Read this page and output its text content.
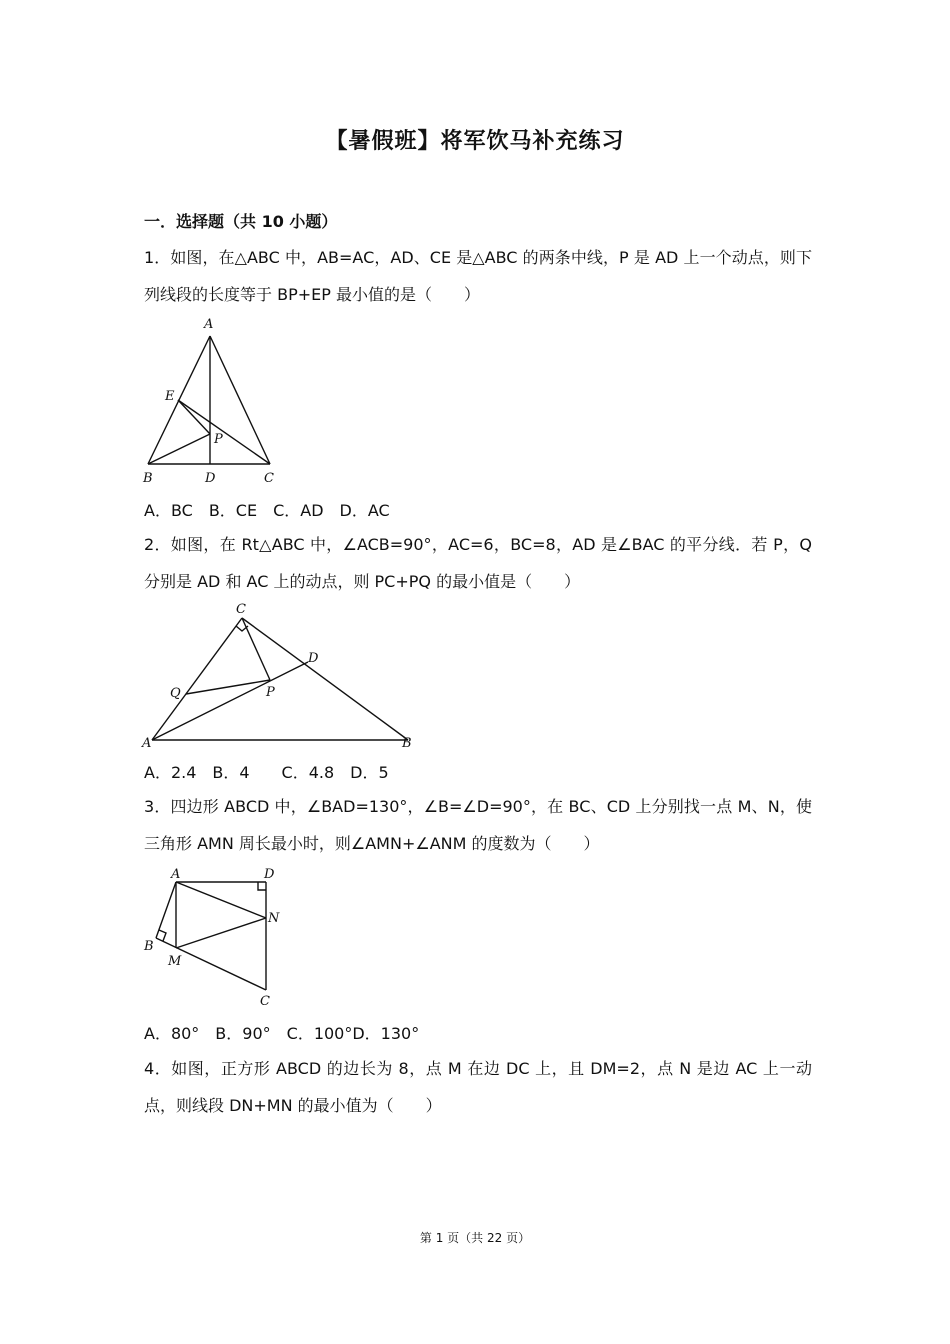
【暑假班】将军饮马补充练习
一．选择题（共 10 小题）
1．如图，在△ABC 中，AB=AC，AD、CE 是△ABC 的两条中线，P 是 AD 上一个动点，则下列线段的长度等于 BP+EP 最小值的是（　　）
A
E
P
B	D	C
A．BC　B．CE　C．AD　D．AC
2．如图，在 Rt△ABC 中，∠ACB=90°，AC=6，BC=8，AD 是∠BAC 的平分线．若 P，Q 分别是 AD 和 AC 上的动点，则 PC+PQ 的最小值是（　　）
C
D
Q	P
A	B
A．2.4　B．4　　C．4.8　D．5
3．四边形 ABCD 中，∠BAD=130°，∠B=∠D=90°，在 BC、CD 上分别找一点 M、N，使三角形 AMN 周长最小时，则∠AMN+∠ANM 的度数为（　　）
A	D
N
B
M
C
A．80°　B．90°　C．100°D．130°
4．如图，正方形 ABCD 的边长为 8，点 M 在边 DC 上，且 DM=2，点 N 是边 AC 上一动点，则线段 DN+MN 的最小值为（　　）
第 1 页（共 22 页）
